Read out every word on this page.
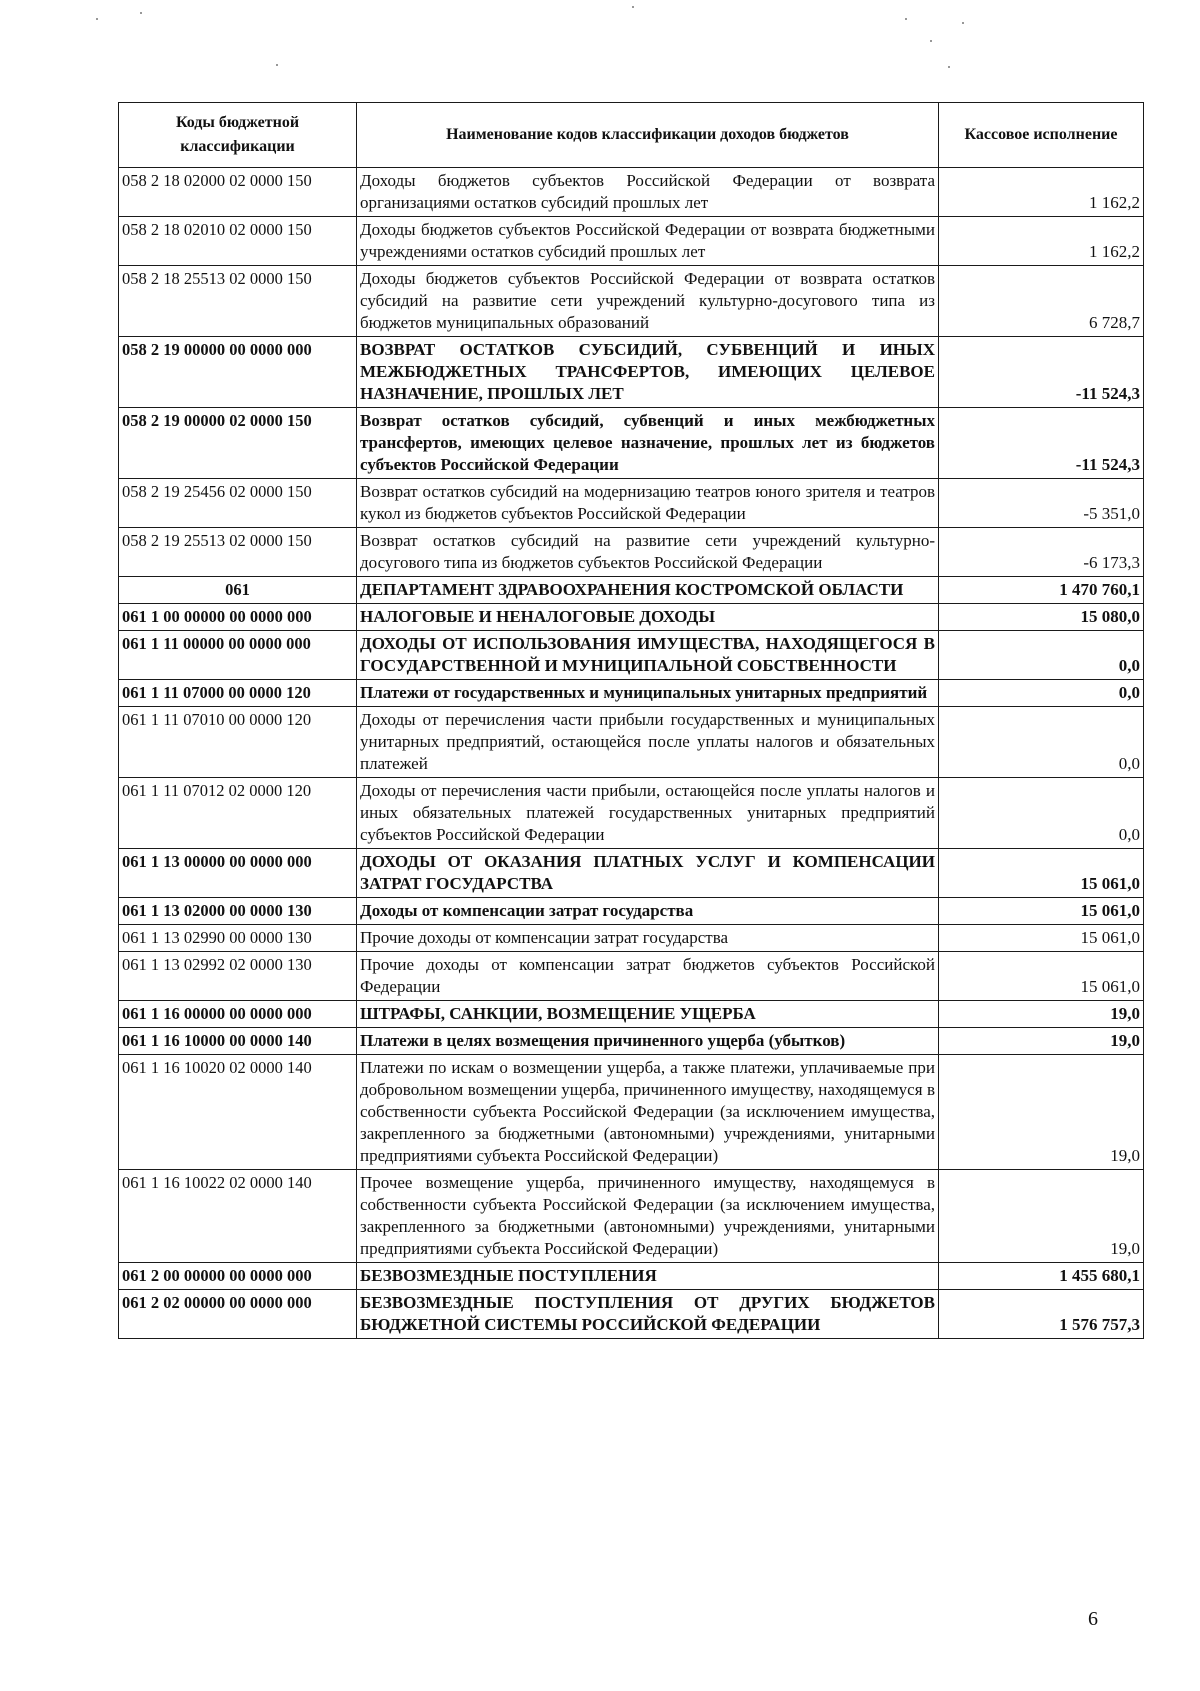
Коды бюджетной классификации	Наименование кодов классификации доходов бюджетов	Кассовое исполнение
058 2 18 02000 02 0000 150	Доходы бюджетов субъектов Российской Федерации от возврата организациями остатков субсидий прошлых лет	1 162,2
058 2 18 02010 02 0000 150	Доходы бюджетов субъектов Российской Федерации от возврата бюджетными учреждениями остатков субсидий прошлых лет	1 162,2
058 2 18 25513 02 0000 150	Доходы бюджетов субъектов Российской Федерации от возврата остатков субсидий на развитие сети учреждений культурно-досугового типа из бюджетов муниципальных образований	6 728,7
058 2 19 00000 00 0000 000	ВОЗВРАТ ОСТАТКОВ СУБСИДИЙ, СУБВЕНЦИЙ И ИНЫХ МЕЖБЮДЖЕТНЫХ ТРАНСФЕРТОВ, ИМЕЮЩИХ ЦЕЛЕВОЕ НАЗНАЧЕНИЕ, ПРОШЛЫХ ЛЕТ	-11 524,3
058 2 19 00000 02 0000 150	Возврат остатков субсидий, субвенций и иных межбюджетных трансфертов, имеющих целевое назначение, прошлых лет из бюджетов субъектов Российской Федерации	-11 524,3
058 2 19 25456 02 0000 150	Возврат остатков субсидий на модернизацию театров юного зрителя и театров кукол из бюджетов субъектов Российской Федерации	-5 351,0
058 2 19 25513 02 0000 150	Возврат остатков субсидий на развитие сети учреждений культурно-досугового типа из бюджетов субъектов Российской Федерации	-6 173,3
061	ДЕПАРТАМЕНТ ЗДРАВООХРАНЕНИЯ КОСТРОМСКОЙ ОБЛАСТИ	1 470 760,1
061 1 00 00000 00 0000 000	НАЛОГОВЫЕ И НЕНАЛОГОВЫЕ ДОХОДЫ	15 080,0
061 1 11 00000 00 0000 000	ДОХОДЫ ОТ ИСПОЛЬЗОВАНИЯ ИМУЩЕСТВА, НАХОДЯЩЕГОСЯ В ГОСУДАРСТВЕННОЙ И МУНИЦИПАЛЬНОЙ СОБСТВЕННОСТИ	0,0
061 1 11 07000 00 0000 120	Платежи от государственных и муниципальных унитарных предприятий	0,0
061 1 11 07010 00 0000 120	Доходы от перечисления части прибыли государственных и муниципальных унитарных предприятий, остающейся после уплаты налогов и обязательных платежей	0,0
061 1 11 07012 02 0000 120	Доходы от перечисления части прибыли, остающейся после уплаты налогов и иных обязательных платежей государственных унитарных предприятий субъектов Российской Федерации	0,0
061 1 13 00000 00 0000 000	ДОХОДЫ ОТ ОКАЗАНИЯ ПЛАТНЫХ УСЛУГ И КОМПЕНСАЦИИ ЗАТРАТ ГОСУДАРСТВА	15 061,0
061 1 13 02000 00 0000 130	Доходы от компенсации затрат государства	15 061,0
061 1 13 02990 00 0000 130	Прочие доходы от компенсации затрат государства	15 061,0
061 1 13 02992 02 0000 130	Прочие доходы от компенсации затрат бюджетов субъектов Российской Федерации	15 061,0
061 1 16 00000 00 0000 000	ШТРАФЫ, САНКЦИИ, ВОЗМЕЩЕНИЕ УЩЕРБА	19,0
061 1 16 10000 00 0000 140	Платежи в целях возмещения причиненного ущерба (убытков)	19,0
061 1 16 10020 02 0000 140	Платежи по искам о возмещении ущерба, а также платежи, уплачиваемые при добровольном возмещении ущерба, причиненного имуществу, находящемуся в собственности субъекта Российской Федерации (за исключением имущества, закрепленного за бюджетными (автономными) учреждениями, унитарными предприятиями субъекта Российской Федерации)	19,0
061 1 16 10022 02 0000 140	Прочее возмещение ущерба, причиненного имуществу, находящемуся в собственности субъекта Российской Федерации (за исключением имущества, закрепленного за бюджетными (автономными) учреждениями, унитарными предприятиями субъекта Российской Федерации)	19,0
061 2 00 00000 00 0000 000	БЕЗВОЗМЕЗДНЫЕ ПОСТУПЛЕНИЯ	1 455 680,1
061 2 02 00000 00 0000 000	БЕЗВОЗМЕЗДНЫЕ ПОСТУПЛЕНИЯ ОТ ДРУГИХ БЮДЖЕТОВ БЮДЖЕТНОЙ СИСТЕМЫ РОССИЙСКОЙ ФЕДЕРАЦИИ	1 576 757,3
6
